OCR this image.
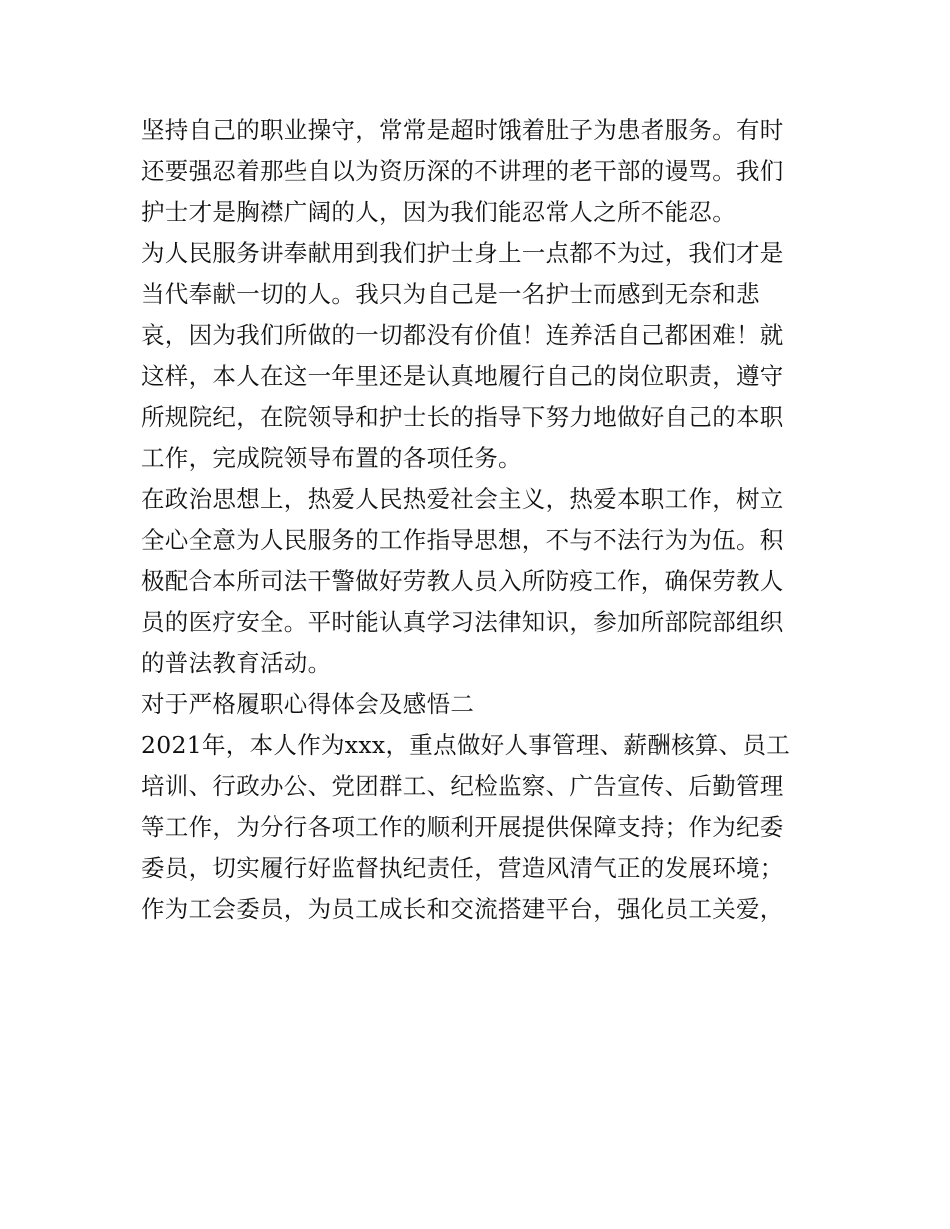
坚持自己的职业操守，常常是超时饿着肚子为患者服务。有时
还要强忍着那些自以为资历深的不讲理的老干部的谩骂。我们
护士才是胸襟广阔的人，因为我们能忍常人之所不能忍。
为人民服务讲奉献用到我们护士身上一点都不为过，我们才是
当代奉献一切的人。我只为自己是一名护士而感到无奈和悲
哀，因为我们所做的一切都没有价值！连养活自己都困难！就
这样，本人在这一年里还是认真地履行自己的岗位职责，遵守
所规院纪，在院领导和护士长的指导下努力地做好自己的本职
工作，完成院领导布置的各项任务。
在政治思想上，热爱人民热爱社会主义，热爱本职工作，树立
全心全意为人民服务的工作指导思想，不与不法行为为伍。积
极配合本所司法干警做好劳教人员入所防疫工作，确保劳教人
员的医疗安全。平时能认真学习法律知识，参加所部院部组织
的普法教育活动。
对于严格履职心得体会及感悟二
2021年，本人作为xxx，重点做好人事管理、薪酬核算、员工
培训、行政办公、党团群工、纪检监察、广告宣传、后勤管理
等工作，为分行各项工作的顺利开展提供保障支持；作为纪委
委员，切实履行好监督执纪责任，营造风清气正的发展环境；
作为工会委员，为员工成长和交流搭建平台，强化员工关爱，
